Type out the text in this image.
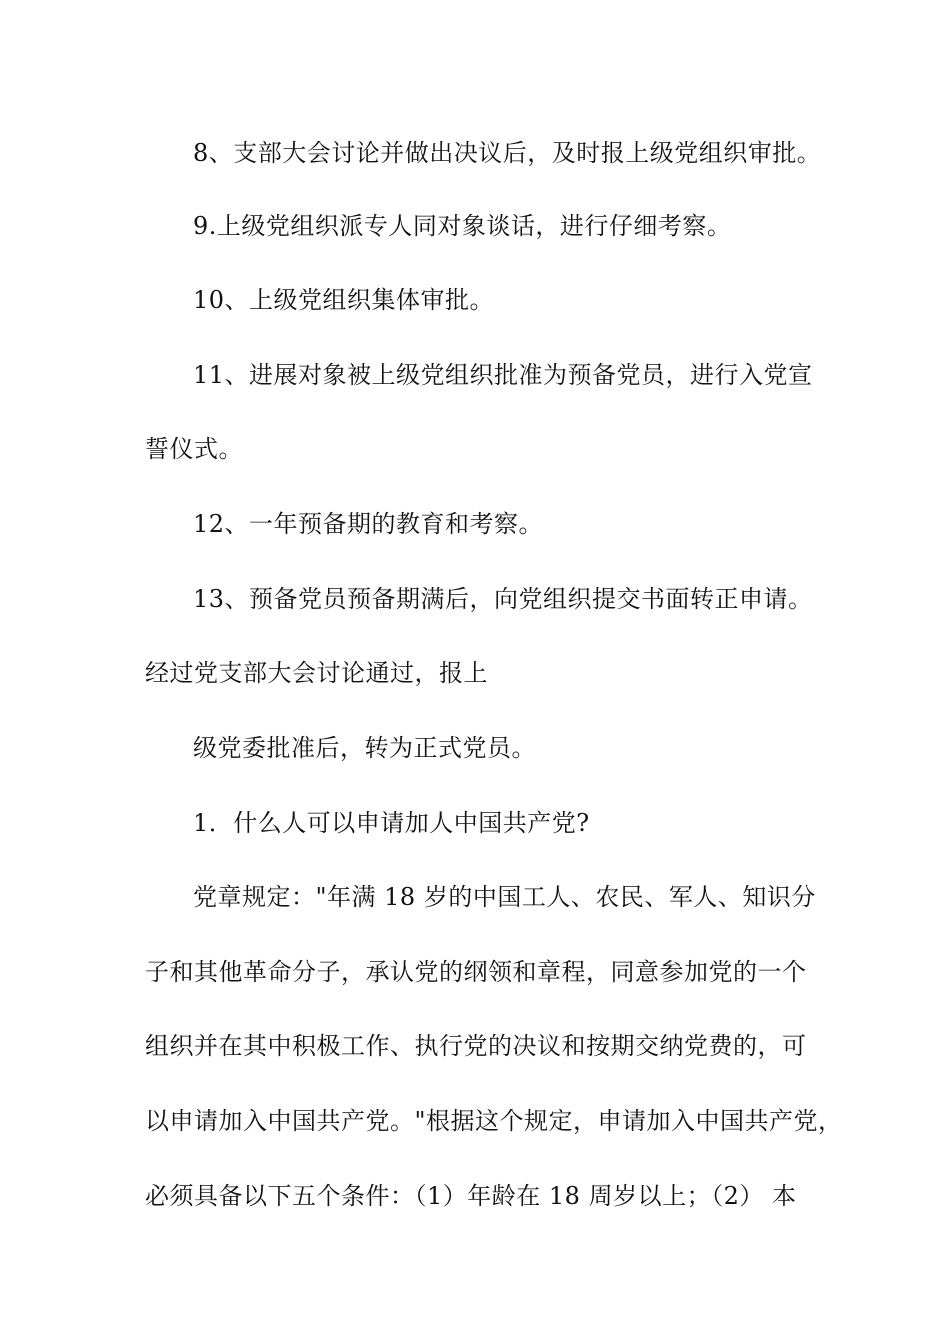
8、支部大会讨论并做出决议后，及时报上级党组织审批。
9.上级党组织派专人同对象谈话，进行仔细考察。
10、上级党组织集体审批。
11、进展对象被上级党组织批准为预备党员，进行入党宣
誓仪式。
12、一年预备期的教育和考察。
13、预备党员预备期满后，向党组织提交书面转正申请。
经过党支部大会讨论通过，报上
级党委批准后，转为正式党员。
1．什么人可以申请加人中国共产党?
党章规定："年满 18 岁的中国工人、农民、军人、知识分
子和其他革命分子，承认党的纲领和章程，同意参加党的一个
组织并在其中积极工作、执行党的决议和按期交纳党费的，可
以申请加入中国共产党。"根据这个规定，申请加入中国共产党，
必须具备以下五个条件：（1）年龄在 18 周岁以上；（2） 本
